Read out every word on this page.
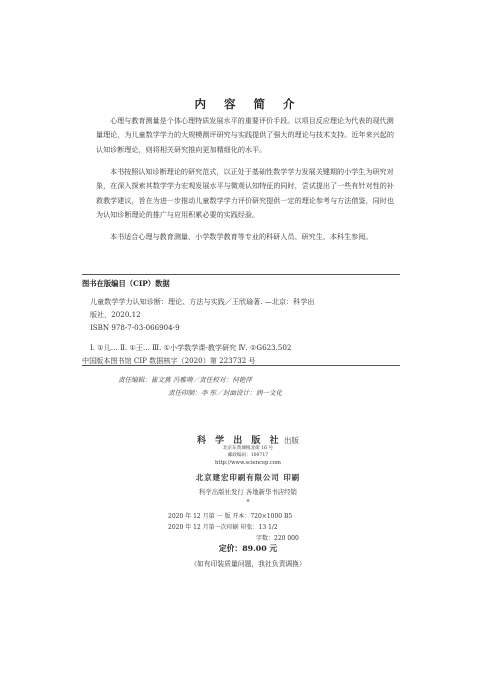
内 容 简 介
心理与教育测量是个体心理特质发展水平的重要评价手段。以项目反应理论为代表的现代测量理论，为儿童数学学力的大规模测评研究与实践提供了强大的理论与技术支持。近年来兴起的认知诊断理论，则将相关研究推向更加精细化的水平。
本书按照认知诊断理论的研究范式，以正处于基础性数学学力发展关键期的小学生为研究对象，在深入探索其数学学力宏观发展水平与微观认知特征的同时，尝试提出了一些有针对性的补救教学建议，旨在为进一步推动儿童数学学力评价研究提供一定的理论参考与方法借鉴，同时也为认知诊断理论的推广与应用积累必要的实践经验。
本书适合心理与教育测量、小学数学教育等专业的科研人员、研究生、本科生参阅。
图书在版编目（CIP）数据
儿童数学学力认知诊断：理论、方法与实践／王欣瑜著. —北京：科学出
版社，2020.12
ISBN 978-7-03-066904-9
Ⅰ. ①儿… Ⅱ. ①王… Ⅲ. ①小学数学课-教学研究 Ⅳ. ①G623.502
中国版本图书馆 CIP 数据核字（2020）第 223732 号
责任编辑：崔文燕 冯雅萌／责任校对：何艳萍
责任印制：李 彤／封面设计：润一文化
科 学 出 版 社 出版
北京东黄城根北街 16 号
邮政编码：100717
http://www.sciencep.com
北京建宏印刷有限公司 印刷
科学出版社发行 各地新华书店经销
*
2020 年 12 月第 一 版 开本：720×1000 B5
2020 年 12 月第一次印刷 印张：13 1/2
字数：220 000
定价：89.00 元
（如有印装质量问题，我社负责调换）
